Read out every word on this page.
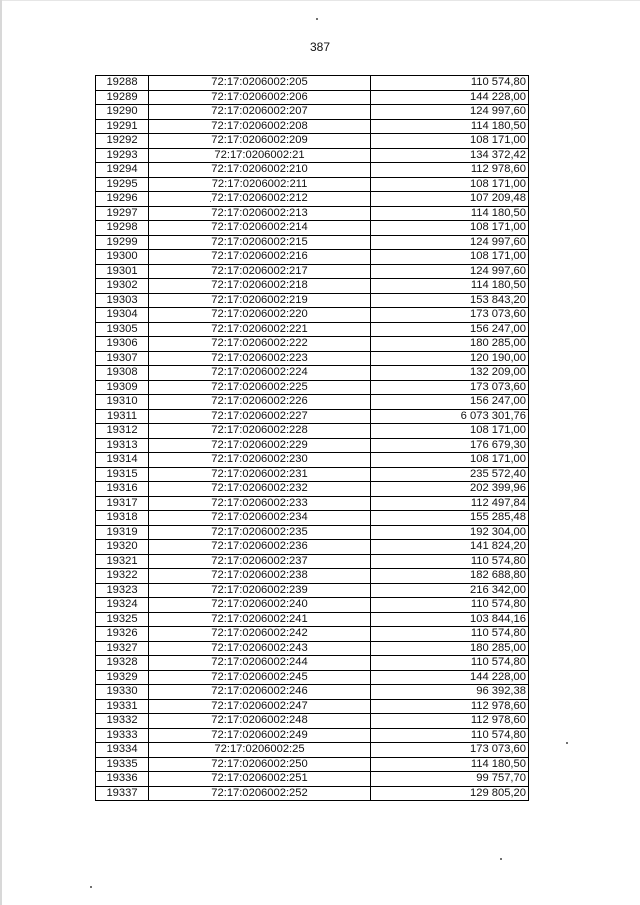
387
19288	72:17:0206002:205	110 574,80
19289	72:17:0206002:206	144 228,00
19290	72:17:0206002:207	124 997,60
19291	72:17:0206002:208	114 180,50
19292	72:17:0206002:209	108 171,00
19293	72:17:0206002:21	134 372,42
19294	72:17:0206002:210	112 978,60
19295	72:17:0206002:211	108 171,00
19296	72:17:0206002:212	107 209,48
19297	72:17:0206002:213	114 180,50
19298	72:17:0206002:214	108 171,00
19299	72:17:0206002:215	124 997,60
19300	72:17:0206002:216	108 171,00
19301	72:17:0206002:217	124 997,60
19302	72:17:0206002:218	114 180,50
19303	72:17:0206002:219	153 843,20
19304	72:17:0206002:220	173 073,60
19305	72:17:0206002:221	156 247,00
19306	72:17:0206002:222	180 285,00
19307	72:17:0206002:223	120 190,00
19308	72:17:0206002:224	132 209,00
19309	72:17:0206002:225	173 073,60
19310	72:17:0206002:226	156 247,00
19311	72:17:0206002:227	6 073 301,76
19312	72:17:0206002:228	108 171,00
19313	72:17:0206002:229	176 679,30
19314	72:17:0206002:230	108 171,00
19315	72:17:0206002:231	235 572,40
19316	72:17:0206002:232	202 399,96
19317	72:17:0206002:233	112 497,84
19318	72:17:0206002:234	155 285,48
19319	72:17:0206002:235	192 304,00
19320	72:17:0206002:236	141 824,20
19321	72:17:0206002:237	110 574,80
19322	72:17:0206002:238	182 688,80
19323	72:17:0206002:239	216 342,00
19324	72:17:0206002:240	110 574,80
19325	72:17:0206002:241	103 844,16
19326	72:17:0206002:242	110 574,80
19327	72:17:0206002:243	180 285,00
19328	72:17:0206002:244	110 574,80
19329	72:17:0206002:245	144 228,00
19330	72:17:0206002:246	96 392,38
19331	72:17:0206002:247	112 978,60
19332	72:17:0206002:248	112 978,60
19333	72:17:0206002:249	110 574,80
19334	72:17:0206002:25	173 073,60
19335	72:17:0206002:250	114 180,50
19336	72:17:0206002:251	99 757,70
19337	72:17:0206002:252	129 805,20
